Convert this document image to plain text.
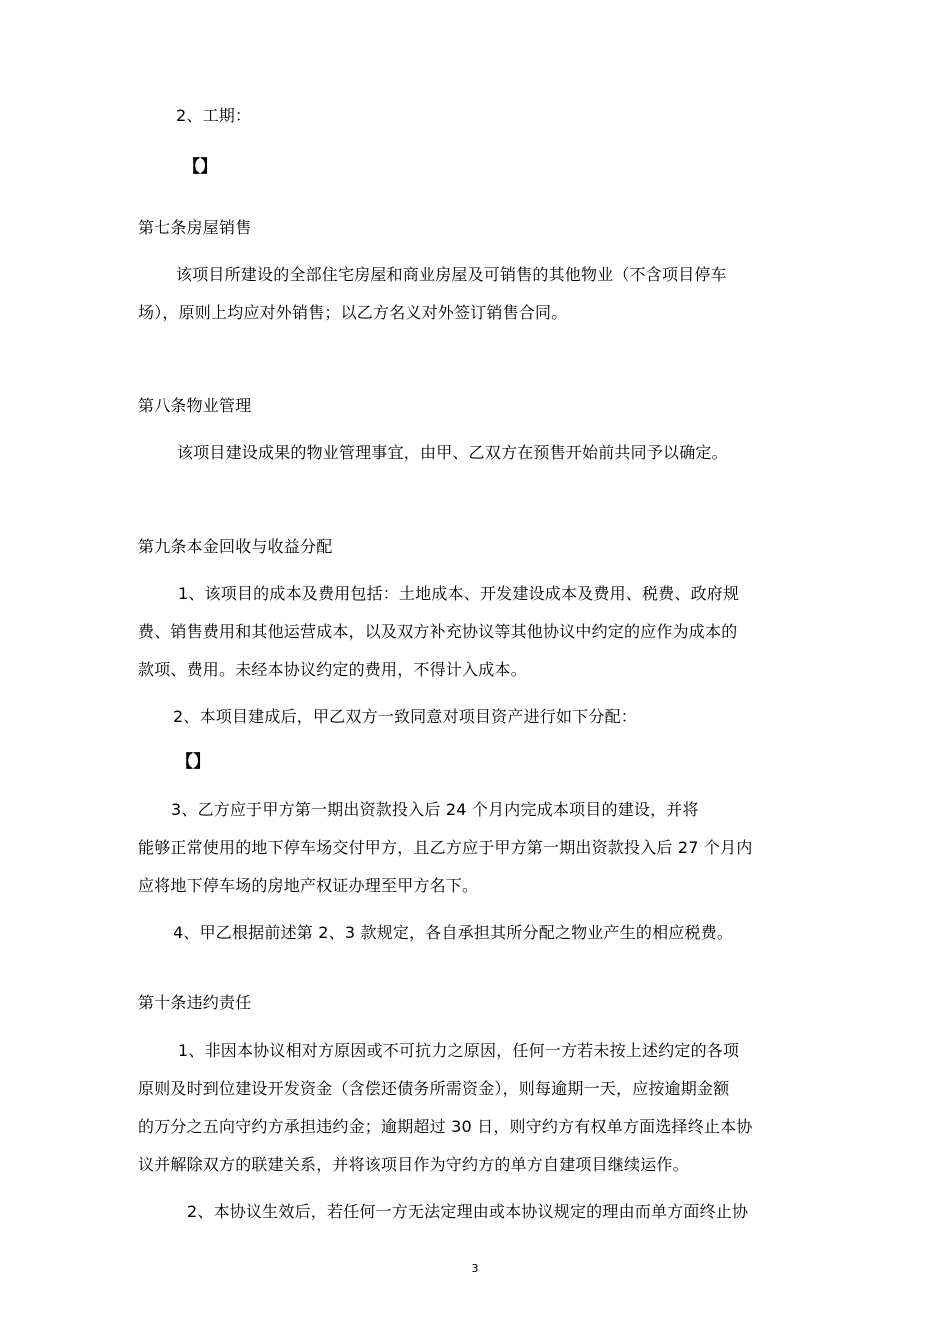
2、工期：
【】
第七条房屋销售
该项目所建设的全部住宅房屋和商业房屋及可销售的其他物业（不含项目停车
场），原则上均应对外销售；以乙方名义对外签订销售合同。
第八条物业管理
该项目建设成果的物业管理事宜，由甲、乙双方在预售开始前共同予以确定。
第九条本金回收与收益分配
1、该项目的成本及费用包括：土地成本、开发建设成本及费用、税费、政府规
费、销售费用和其他运营成本，以及双方补充协议等其他协议中约定的应作为成本的
款项、费用。未经本协议约定的费用，不得计入成本。
2、本项目建成后，甲乙双方一致同意对项目资产进行如下分配：
【】
3、乙方应于甲方第一期出资款投入后 24 个月内完成本项目的建设，并将
能够正常使用的地下停车场交付甲方，且乙方应于甲方第一期出资款投入后 27 个月内
应将地下停车场的房地产权证办理至甲方名下。
4、甲乙根据前述第 2、3 款规定，各自承担其所分配之物业产生的相应税费。
第十条违约责任
1、非因本协议相对方原因或不可抗力之原因，任何一方若未按上述约定的各项
原则及时到位建设开发资金（含偿还债务所需资金），则每逾期一天，应按逾期金额
的万分之五向守约方承担违约金；逾期超过 30 日，则守约方有权单方面选择终止本协
议并解除双方的联建关系，并将该项目作为守约方的单方自建项目继续运作。
2、本协议生效后，若任何一方无法定理由或本协议规定的理由而单方面终止协
3
